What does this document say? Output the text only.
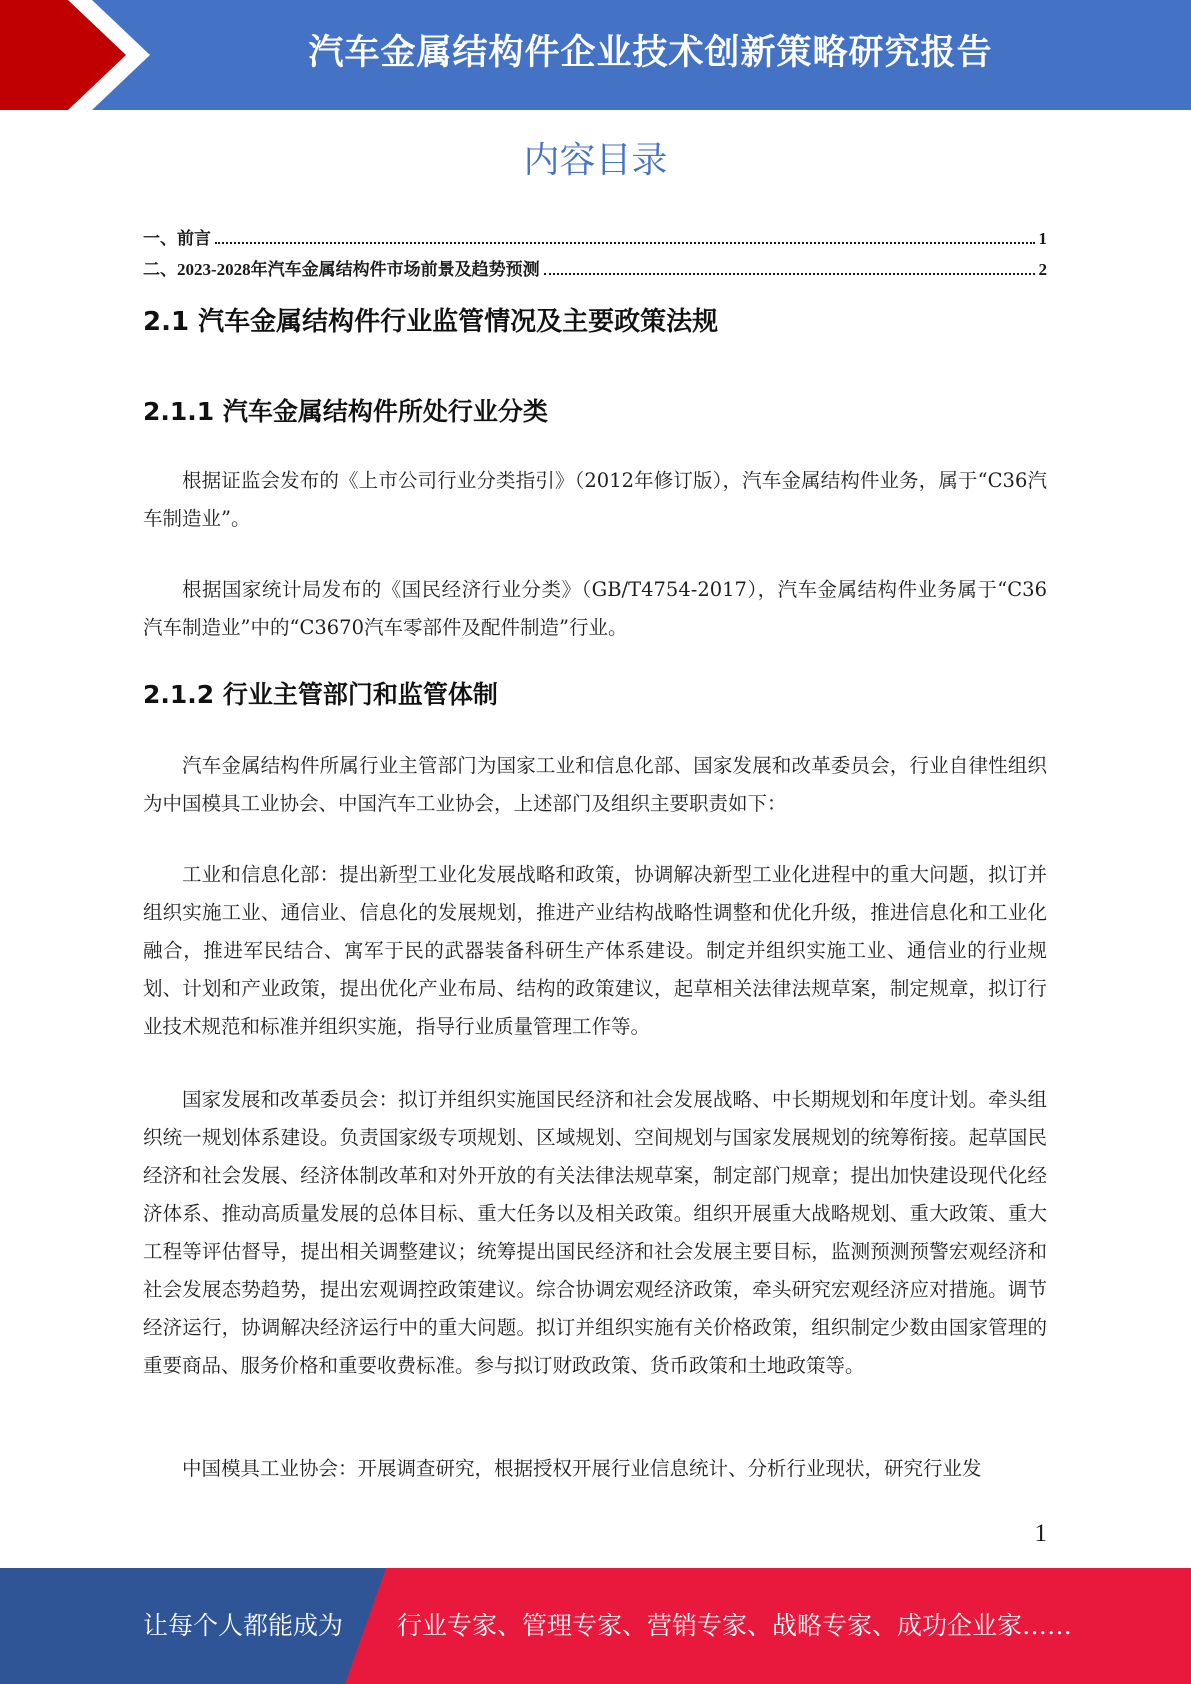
汽车金属结构件企业技术创新策略研究报告
内容目录
一、前言	1
二、2023-2028年汽车金属结构件市场前景及趋势预测	2
2.1 汽车金属结构件行业监管情况及主要政策法规
2.1.1 汽车金属结构件所处行业分类
根据证监会发布的《上市公司行业分类指引》（2012年修订版），汽车金属结构件业务，属于“C36汽车制造业”。
根据国家统计局发布的《国民经济行业分类》（GB/T4754-2017），汽车金属结构件业务属于“C36汽车制造业”中的“C3670汽车零部件及配件制造”行业。
2.1.2 行业主管部门和监管体制
汽车金属结构件所属行业主管部门为国家工业和信息化部、国家发展和改革委员会，行业自律性组织为中国模具工业协会、中国汽车工业协会，上述部门及组织主要职责如下：
工业和信息化部：提出新型工业化发展战略和政策，协调解决新型工业化进程中的重大问题，拟订并组织实施工业、通信业、信息化的发展规划，推进产业结构战略性调整和优化升级，推进信息化和工业化融合，推进军民结合、寓军于民的武器装备科研生产体系建设。制定并组织实施工业、通信业的行业规划、计划和产业政策，提出优化产业布局、结构的政策建议，起草相关法律法规草案，制定规章，拟订行业技术规范和标准并组织实施，指导行业质量管理工作等。
国家发展和改革委员会：拟订并组织实施国民经济和社会发展战略、中长期规划和年度计划。牵头组织统一规划体系建设。负责国家级专项规划、区域规划、空间规划与国家发展规划的统筹衔接。起草国民经济和社会发展、经济体制改革和对外开放的有关法律法规草案，制定部门规章；提出加快建设现代化经济体系、推动高质量发展的总体目标、重大任务以及相关政策。组织开展重大战略规划、重大政策、重大工程等评估督导，提出相关调整建议；统筹提出国民经济和社会发展主要目标，监测预测预警宏观经济和社会发展态势趋势，提出宏观调控政策建议。综合协调宏观经济政策，牵头研究宏观经济应对措施。调节经济运行，协调解决经济运行中的重大问题。拟订并组织实施有关价格政策，组织制定少数由国家管理的重要商品、服务价格和重要收费标准。参与拟订财政政策、货币政策和土地政策等。
中国模具工业协会：开展调查研究，根据授权开展行业信息统计、分析行业现状，研究行业发
1
让每个人都能成为 行业专家、管理专家、营销专家、战略专家、成功企业家……
